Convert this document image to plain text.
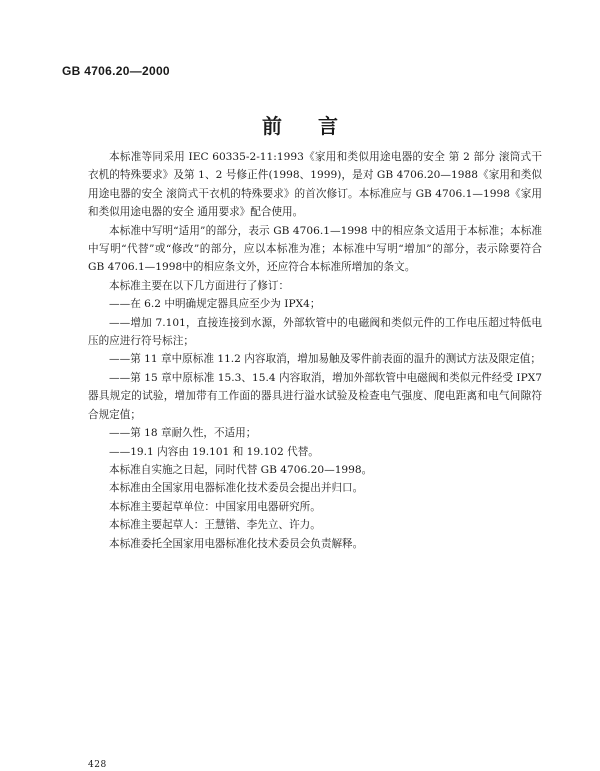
GB 4706.20—2000
前言

本标准等同采用 IEC 60335-2-11:1993《家用和类似用途电器的安全 第 2 部分 滚筒式干衣机的特殊要求》及第 1、2 号修正件(1998、1999)，是对 GB 4706.20—1988《家用和类似用途电器的安全 滚筒式干衣机的特殊要求》的首次修订。本标准应与 GB 4706.1—1998《家用和类似用途电器的安全 通用要求》配合使用。

本标准中写明“适用”的部分，表示 GB 4706.1—1998 中的相应条文适用于本标准；本标准中写明“代替”或“修改”的部分，应以本标准为准；本标准中写明“增加”的部分，表示除要符合 GB 4706.1—1998中的相应条文外，还应符合本标准所增加的条文。

本标准主要在以下几方面进行了修订：

——在 6.2 中明确规定器具应至少为 IPX4；

——增加 7.101，直接连接到水源，外部软管中的电磁阀和类似元件的工作电压超过特低电压的应进行符号标注；

——第 11 章中原标准 11.2 内容取消，增加易触及零件前表面的温升的测试方法及限定值；

——第 15 章中原标准 15.3、15.4 内容取消，增加外部软管中电磁阀和类似元件经受 IPX7 器具规定的试验，增加带有工作面的器具进行溢水试验及检查电气强度、爬电距离和电气间隙符合规定值；

——第 18 章耐久性，不适用；

——19.1 内容由 19.101 和 19.102 代替。

本标准自实施之日起，同时代替 GB 4706.20—1998。

本标准由全国家用电器标准化技术委员会提出并归口。

本标准主要起草单位：中国家用电器研究所。

本标准主要起草人：王慧锴、李先立、许力。

本标准委托全国家用电器标准化技术委员会负责解释。

428
